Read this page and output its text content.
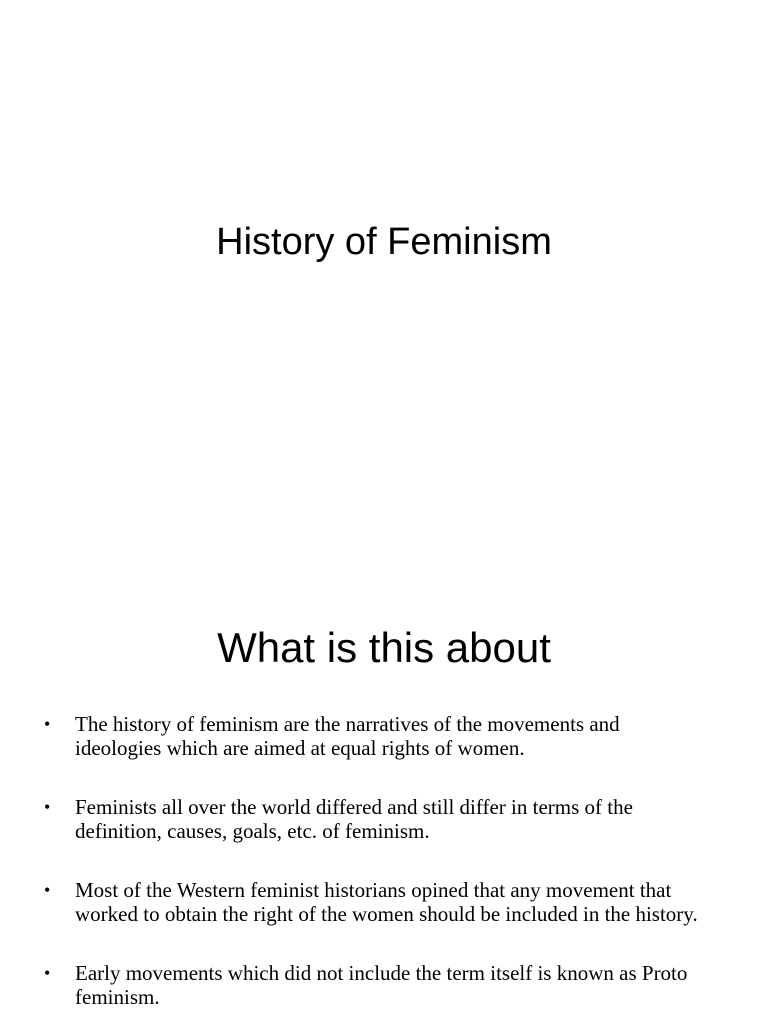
History of Feminism
What is this about
• The history of feminism are the narratives of the movements and ideologies which are aimed at equal rights of women.
• Feminists all over the world differed and still differ in terms of the definition, causes, goals, etc. of feminism.
• Most of the Western feminist historians opined that any movement that worked to obtain the right of the women should be included in the history.
• Early movements which did not include the term itself is known as Proto feminism.
